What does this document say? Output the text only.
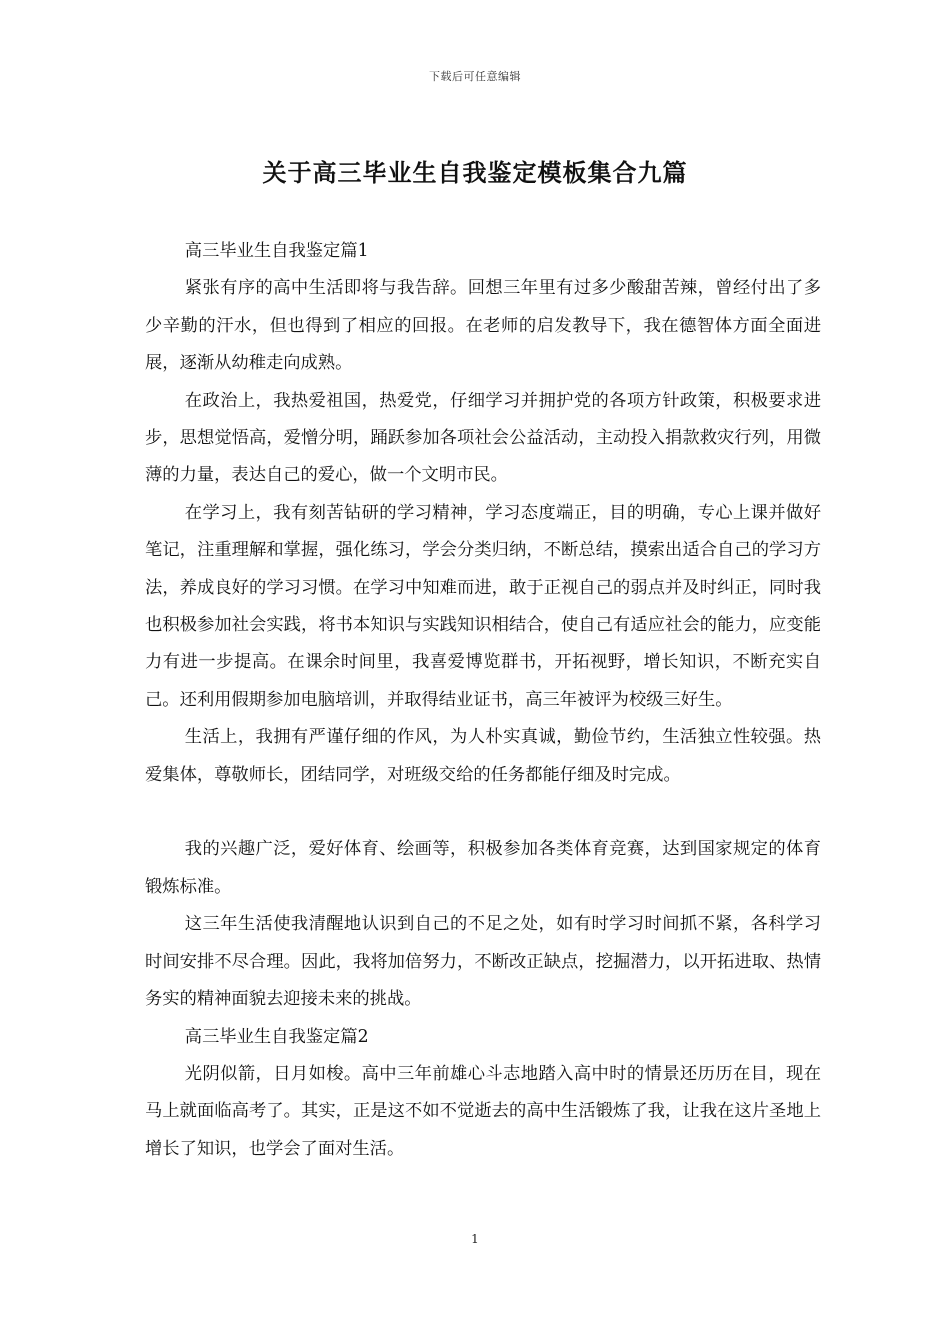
下载后可任意编辑
关于高三毕业生自我鉴定模板集合九篇

高三毕业生自我鉴定篇1

紧张有序的高中生活即将与我告辞。回想三年里有过多少酸甜苦辣，曾经付出了多少辛勤的汗水，但也得到了相应的回报。在老师的启发教导下，我在德智体方面全面进展，逐渐从幼稚走向成熟。

在政治上，我热爱祖国，热爱党，仔细学习并拥护党的各项方针政策，积极要求进步，思想觉悟高，爱憎分明，踊跃参加各项社会公益活动，主动投入捐款救灾行列，用微薄的力量，表达自己的爱心，做一个文明市民。

在学习上，我有刻苦钻研的学习精神，学习态度端正，目的明确，专心上课并做好笔记，注重理解和掌握，强化练习，学会分类归纳，不断总结，摸索出适合自己的学习方法，养成良好的学习习惯。在学习中知难而进，敢于正视自己的弱点并及时纠正，同时我也积极参加社会实践，将书本知识与实践知识相结合，使自己有适应社会的能力，应变能力有进一步提高。在课余时间里，我喜爱博览群书，开拓视野，增长知识，不断充实自己。还利用假期参加电脑培训，并取得结业证书，高三年被评为校级三好生。

生活上，我拥有严谨仔细的作风，为人朴实真诚，勤俭节约，生活独立性较强。热爱集体，尊敬师长，团结同学，对班级交给的任务都能仔细及时完成。

我的兴趣广泛，爱好体育、绘画等，积极参加各类体育竞赛，达到国家规定的体育锻炼标准。

这三年生活使我清醒地认识到自己的不足之处，如有时学习时间抓不紧，各科学习时间安排不尽合理。因此，我将加倍努力，不断改正缺点，挖掘潜力，以开拓进取、热情务实的精神面貌去迎接未来的挑战。

高三毕业生自我鉴定篇2

光阴似箭，日月如梭。高中三年前雄心斗志地踏入高中时的情景还历历在目，现在马上就面临高考了。其实，正是这不如不觉逝去的高中生活锻炼了我，让我在这片圣地上增长了知识，也学会了面对生活。

1
